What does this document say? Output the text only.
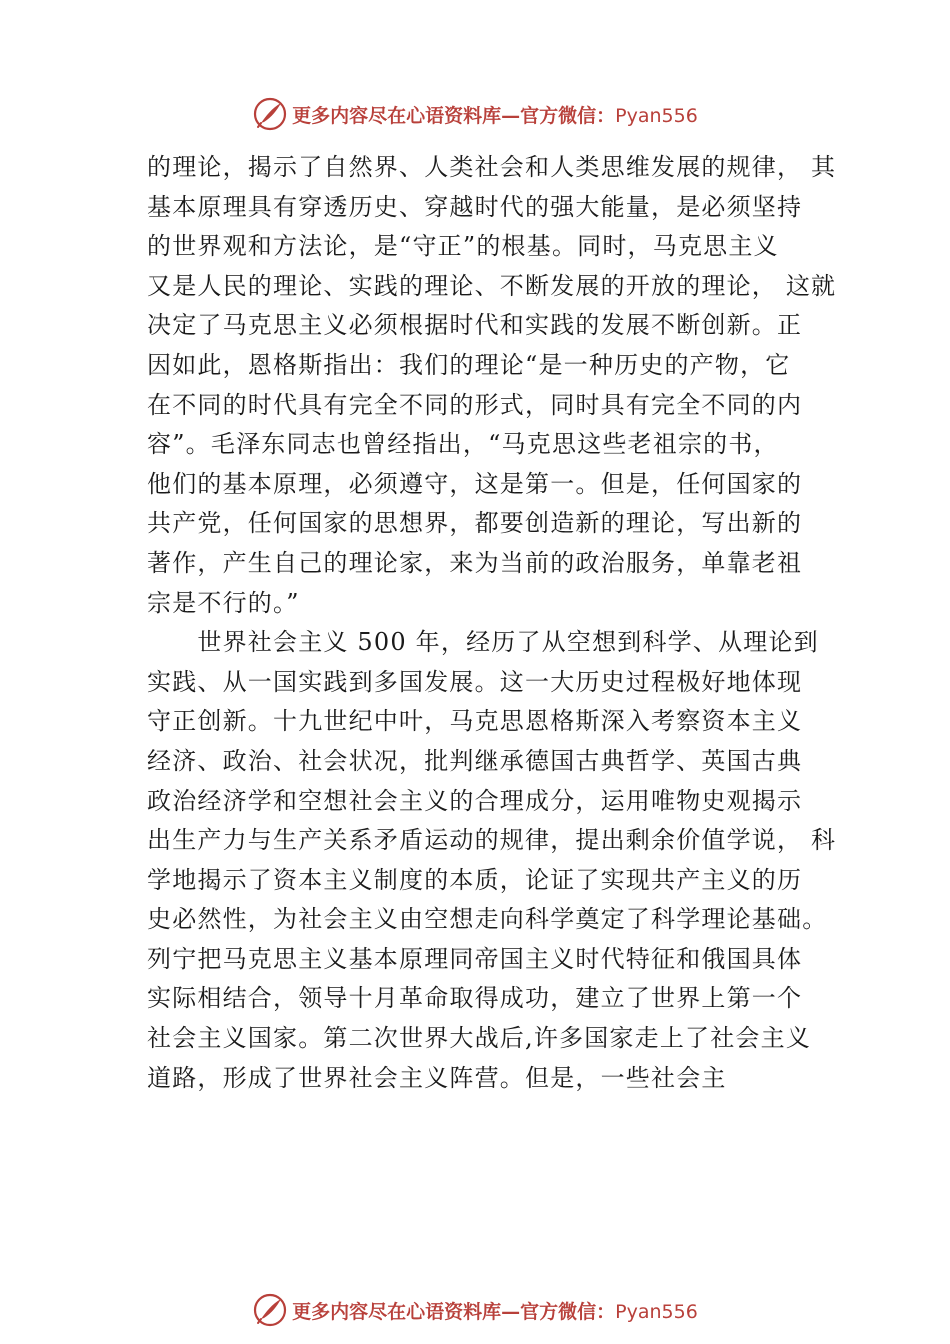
更多内容尽在心语资料库—官方微信：Pyan556
的理论，揭示了自然界、人类社会和人类思维发展的规律， 其
基本原理具有穿透历史、穿越时代的强大能量，是必须坚持
的世界观和方法论，是“守正”的根基。同时，马克思主义
又是人民的理论、实践的理论、不断发展的开放的理论， 这就
决定了马克思主义必须根据时代和实践的发展不断创新。正
因如此，恩格斯指出：我们的理论“是一种历史的产物，它
在不同的时代具有完全不同的形式，同时具有完全不同的内
容”。毛泽东同志也曾经指出，“马克思这些老祖宗的书，
他们的基本原理，必须遵守，这是第一。但是，任何国家的
共产党，任何国家的思想界，都要创造新的理论，写出新的
著作，产生自己的理论家，来为当前的政治服务，单靠老祖
宗是不行的。”
　　世界社会主义 500 年，经历了从空想到科学、从理论到
实践、从一国实践到多国发展。这一大历史过程极好地体现
守正创新。十九世纪中叶，马克思恩格斯深入考察资本主义
经济、政治、社会状况，批判继承德国古典哲学、英国古典
政治经济学和空想社会主义的合理成分，运用唯物史观揭示
出生产力与生产关系矛盾运动的规律，提出剩余价值学说， 科
学地揭示了资本主义制度的本质，论证了实现共产主义的历
史必然性，为社会主义由空想走向科学奠定了科学理论基础。
列宁把马克思主义基本原理同帝国主义时代特征和俄国具体
实际相结合，领导十月革命取得成功，建立了世界上第一个
社会主义国家。第二次世界大战后,许多国家走上了社会主义
道路，形成了世界社会主义阵营。但是，一些社会主
更多内容尽在心语资料库—官方微信：Pyan556
